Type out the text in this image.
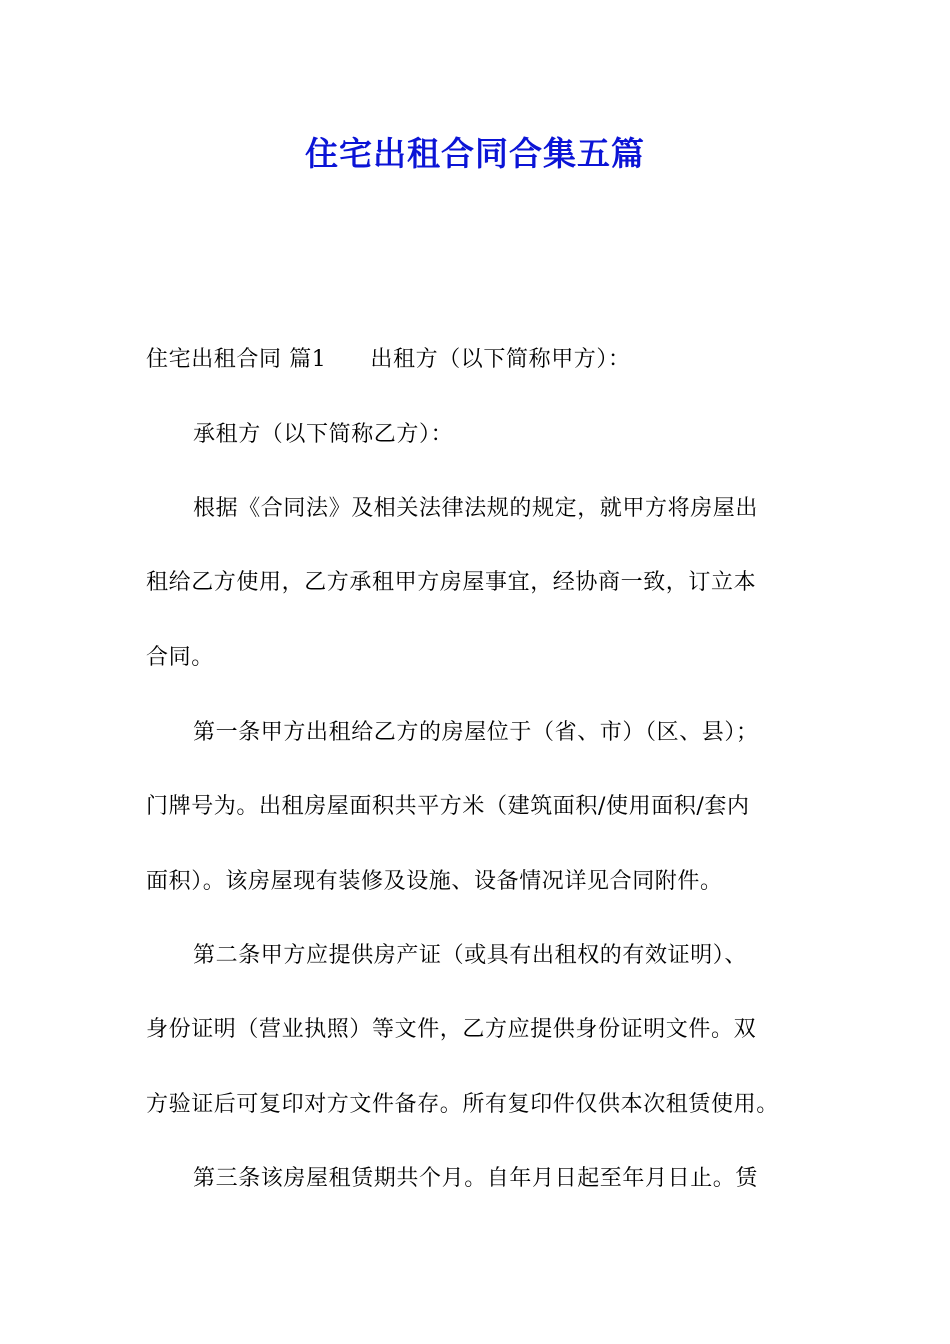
住宅出租合同合集五篇
住宅出租合同 篇1 出租方（以下简称甲方）：
承租方（以下简称乙方）：
根据《合同法》及相关法律法规的规定，就甲方将房屋出
租给乙方使用，乙方承租甲方房屋事宜，经协商一致，订立本
合同。
第一条甲方出租给乙方的房屋位于（省、市）（区、县）；
门牌号为。出租房屋面积共平方米（建筑面积/使用面积/套内
面积）。该房屋现有装修及设施、设备情况详见合同附件。
第二条甲方应提供房产证（或具有出租权的有效证明）、
身份证明（营业执照）等文件，乙方应提供身份证明文件。双
方验证后可复印对方文件备存。所有复印件仅供本次租赁使用。
第三条该房屋租赁期共个月。自年月日起至年月日止。赁
